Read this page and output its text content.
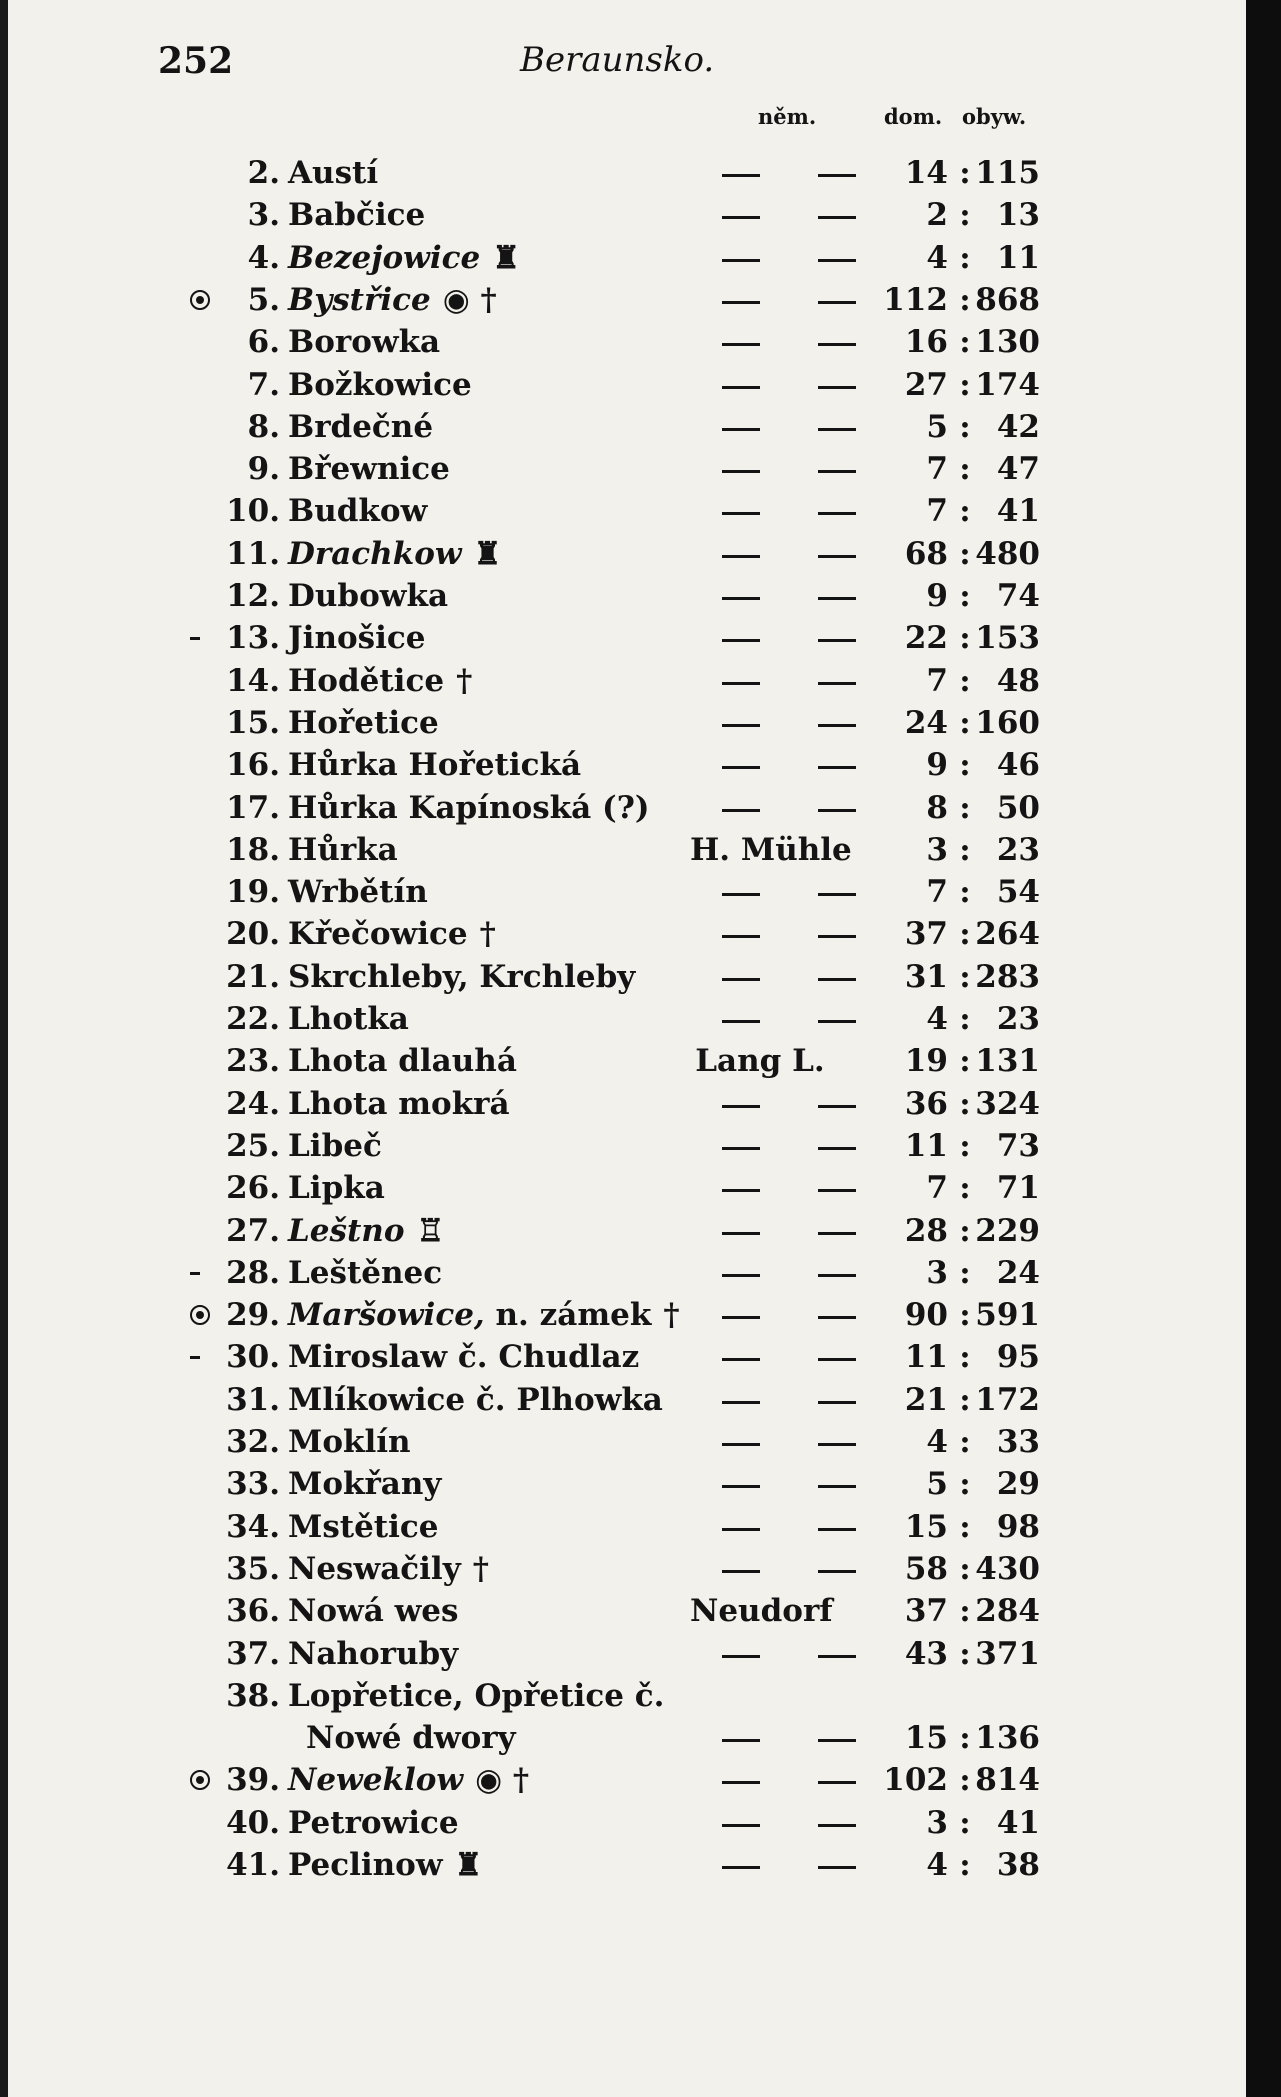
252	Beraunsko.
něm.	dom. obyw.
2. Austí	14 : 115
3. Babčice	2 : 13
4. Bezejowice ♜	4 : 11
5. Bystřice ◉ †	112 : 868
6. Borowka	16 : 130
7. Božkowice	27 : 174
8. Brdečné	5 : 42
9. Břewnice	7 : 47
10. Budkow	7 : 41
11. Drachkow ♜	68 : 480
12. Dubowka	9 : 74
13. Jinošice	22 : 153
14. Hodětice †	7 : 48
15. Hořetice	24 : 160
16. Hůrka Hořetická	9 : 46
17. Hůrka Kapínoská (?)	8 : 50
18. Hůrka	H. Mühle	3 : 23
19. Wrbětín	7 : 54
20. Křečowice †	37 : 264
21. Skrchleby, Krchleby	31 : 283
22. Lhotka	4 : 23
23. Lhota dlauhá	Lang L.	19 : 131
24. Lhota mokrá	36 : 324
25. Libeč	11 : 73
26. Lipka	7 : 71
27. Leštno ♖	28 : 229
28. Leštěnec	3 : 24
29. Maršowice, n. zámek †	90 : 591
30. Miroslaw č. Chudlaz	11 : 95
31. Mlíkowice č. Plhowka	21 : 172
32. Moklín	4 : 33
33. Mokřany	5 : 29
34. Mstětice	15 : 98
35. Neswačily †	58 : 430
36. Nowá wes	Neudorf	37 : 284
37. Nahoruby	43 : 371
38. Lopřetice, Opřetice č.
Nowé dwory	15 : 136
39. Neweklow ◉ †	102 : 814
40. Petrowice	3 : 41
41. Peclinow ♜	4 : 38
